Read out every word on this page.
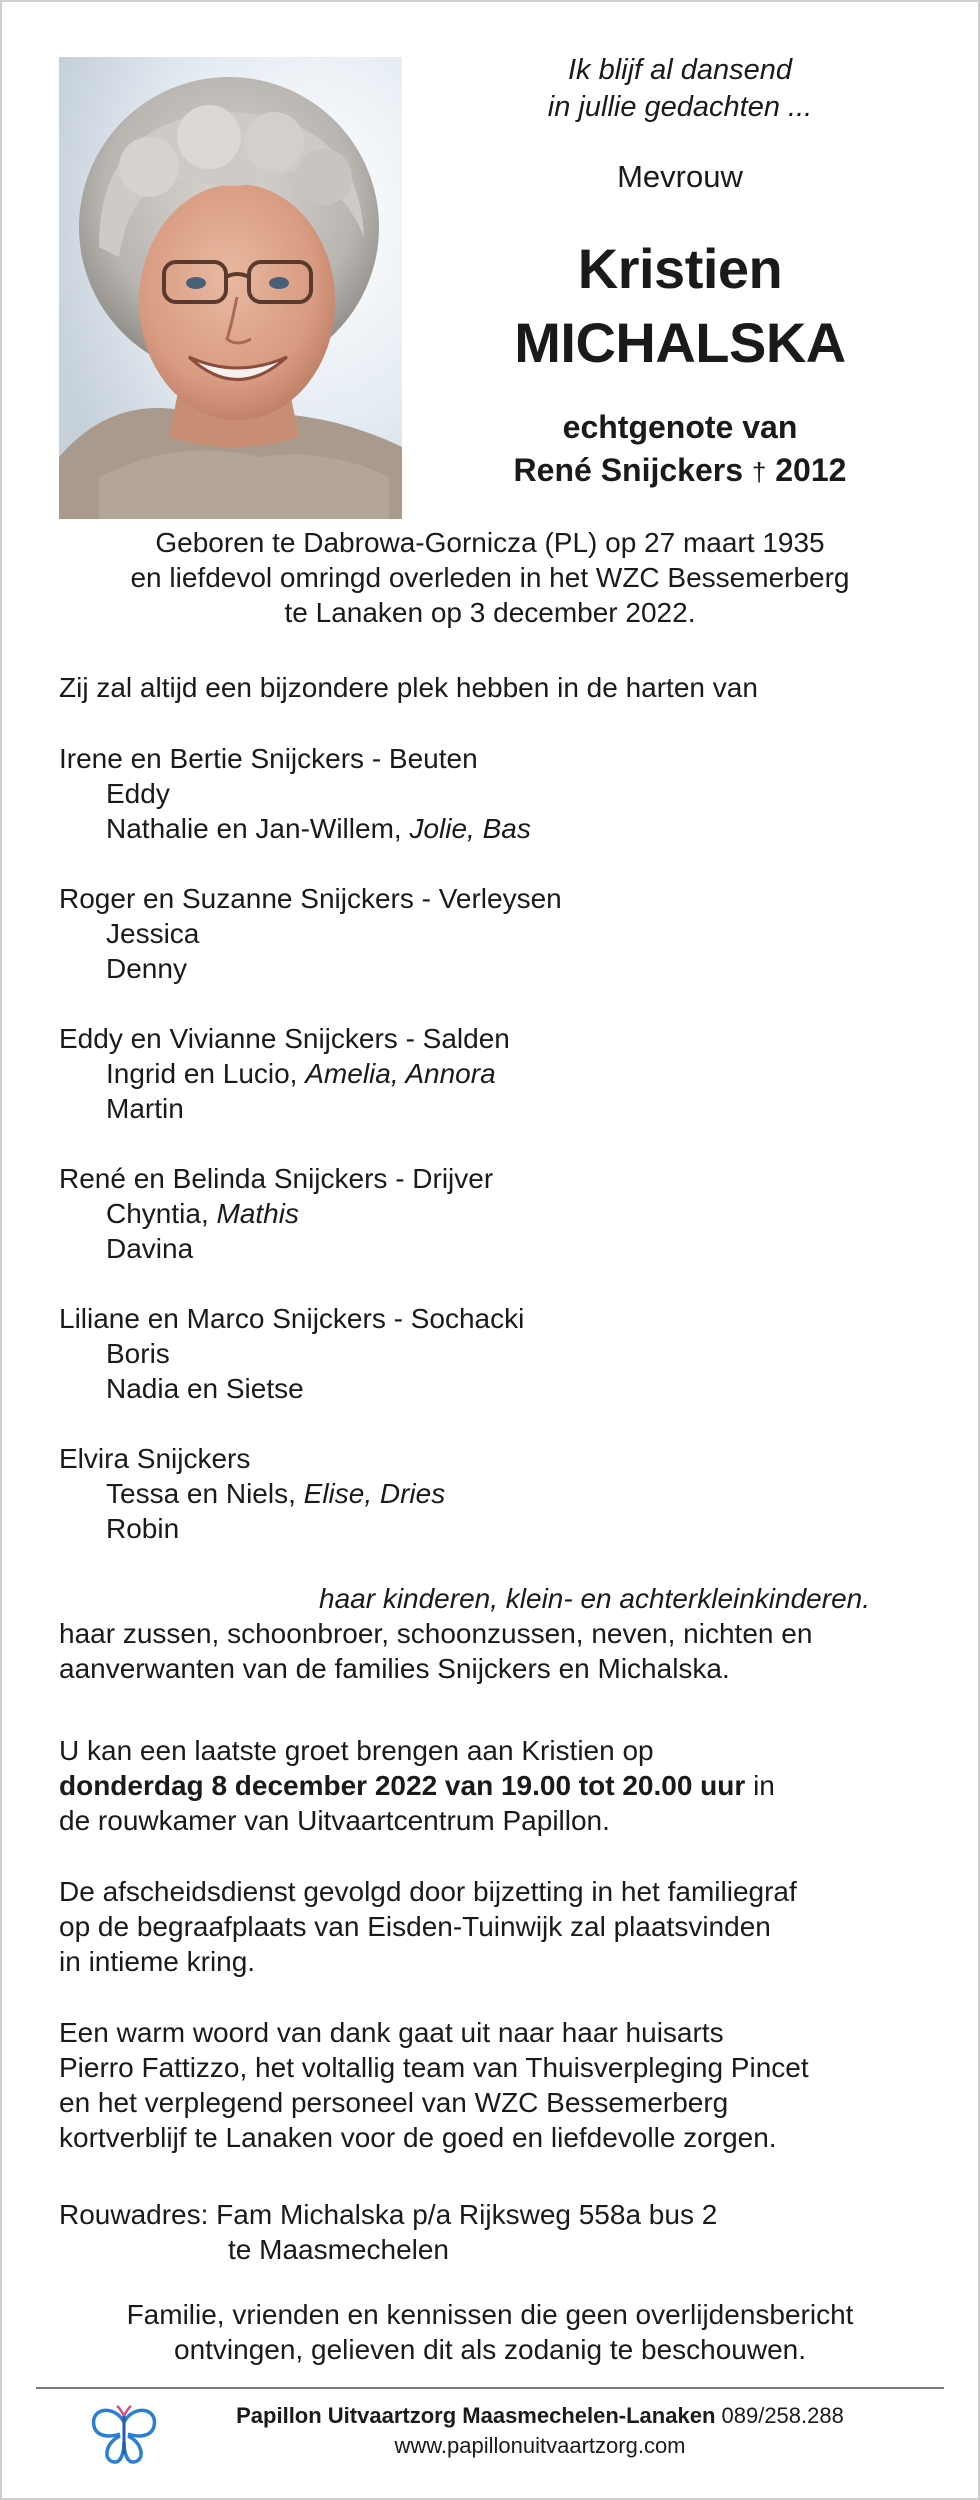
Ik blijf al dansend
in jullie gedachten ...
Mevrouw
Kristien
MICHALSKA
echtgenote van
René Snijckers † 2012
Geboren te Dabrowa-Gornicza (PL) op 27 maart 1935
en liefdevol omringd overleden in het WZC Bessemerberg
te Lanaken op 3 december 2022.
Zij zal altijd een bijzondere plek hebben in de harten van
Irene en Bertie Snijckers - Beuten
Eddy
Nathalie en Jan-Willem, Jolie, Bas
Roger en Suzanne Snijckers - Verleysen
Jessica
Denny
Eddy en Vivianne Snijckers - Salden
Ingrid en Lucio, Amelia, Annora
Martin
René en Belinda Snijckers - Drijver
Chyntia, Mathis
Davina
Liliane en Marco Snijckers - Sochacki
Boris
Nadia en Sietse
Elvira Snijckers
Tessa en Niels, Elise, Dries
Robin
haar kinderen, klein- en achterkleinkinderen.
haar zussen, schoonbroer, schoonzussen, neven, nichten en
aanverwanten van de families Snijckers en Michalska.
U kan een laatste groet brengen aan Kristien op
donderdag 8 december 2022 van 19.00 tot 20.00 uur in
de rouwkamer van Uitvaartcentrum Papillon.
De afscheidsdienst gevolgd door bijzetting in het familiegraf
op de begraafplaats van Eisden-Tuinwijk zal plaatsvinden
in intieme kring.
Een warm woord van dank gaat uit naar haar huisarts
Pierro Fattizzo, het voltallig team van Thuisverpleging Pincet
en het verplegend personeel van WZC Bessemerberg
kortverblijf te Lanaken voor de goed en liefdevolle zorgen.
Rouwadres: Fam Michalska p/a Rijksweg 558a bus 2
te Maasmechelen
Familie, vrienden en kennissen die geen overlijdensbericht
ontvingen, gelieven dit als zodanig te beschouwen.
Papillon Uitvaartzorg Maasmechelen-Lanaken 089/258.288
www.papillonuitvaartzorg.com
